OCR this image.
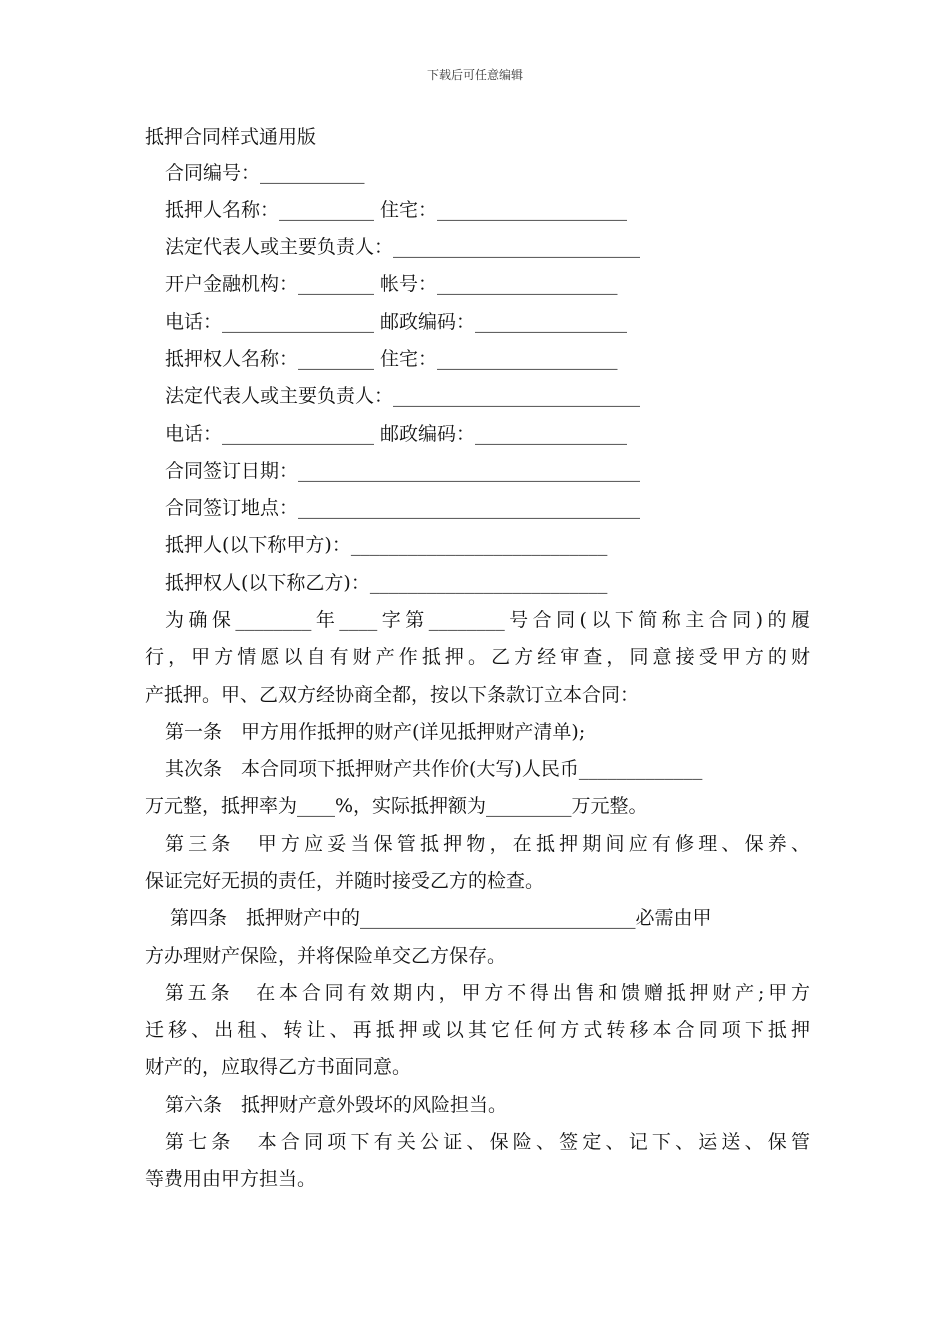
下载后可任意编辑
抵押合同样式通用版
合同编号：___________
抵押人名称：__________ 住宅：____________________
法定代表人或主要负责人：__________________________
开户金融机构：________ 帐号：___________________
电话：________________ 邮政编码：________________
抵押权人名称：________ 住宅：___________________
法定代表人或主要负责人：__________________________
电话：________________ 邮政编码：________________
合同签订日期：____________________________________
合同签订地点：____________________________________
抵押人(以下称甲方)：___________________________
抵押权人(以下称乙方)：_________________________
为确保________年____字第________号合同(以下简称主合同)的履
行，甲方情愿以自有财产作抵押。乙方经审查，同意接受甲方的财
产抵押。甲、乙双方经协商全都，按以下条款订立本合同：
第一条　甲方用作抵押的财产(详见抵押财产清单);
其次条　本合同项下抵押财产共作价(大写)人民币_____________
万元整，抵押率为____%，实际抵押额为_________万元整。
第三条　甲方应妥当保管抵押物，在抵押期间应有修理、保养、
保证完好无损的责任，并随时接受乙方的检查。
第四条　抵押财产中的_____________________________必需由甲
方办理财产保险，并将保险单交乙方保存。
第五条　在本合同有效期内，甲方不得出售和馈赠抵押财产;甲方
迁移、出租、转让、再抵押或以其它任何方式转移本合同项下抵押
财产的，应取得乙方书面同意。
第六条　抵押财产意外毁坏的风险担当。
第七条　本合同项下有关公证、保险、签定、记下、运送、保管
等费用由甲方担当。
